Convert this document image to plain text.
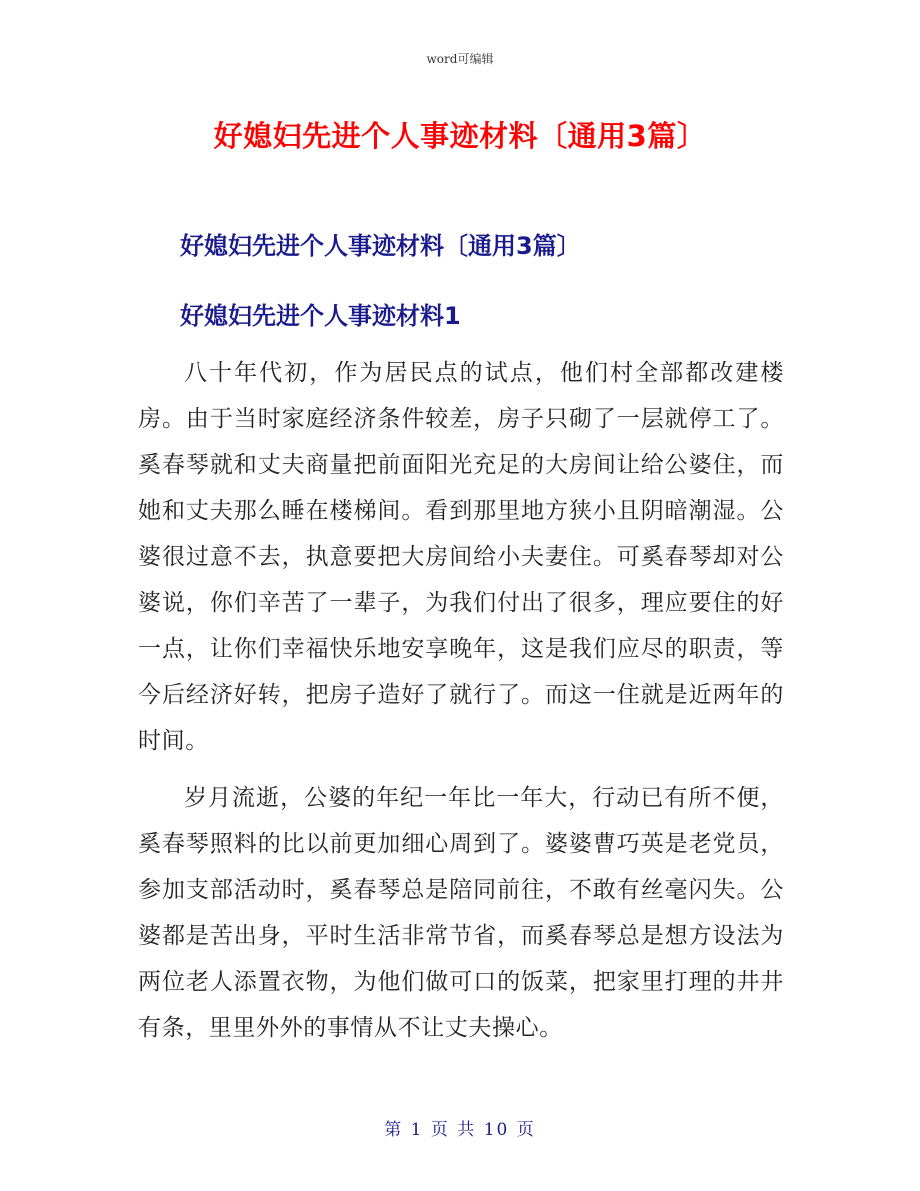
word可编辑
好媳妇先进个人事迹材料〔通用3篇〕
好媳妇先进个人事迹材料〔通用3篇〕
好媳妇先进个人事迹材料1

八十年代初，作为居民点的试点，他们村全部都改建楼房。由于当时家庭经济条件较差，房子只砌了一层就停工了。奚春琴就和丈夫商量把前面阳光充足的大房间让给公婆住，而她和丈夫那么睡在楼梯间。看到那里地方狭小且阴暗潮湿。公婆很过意不去，执意要把大房间给小夫妻住。可奚春琴却对公婆说，你们辛苦了一辈子，为我们付出了很多，理应要住的好一点，让你们幸福快乐地安享晚年，这是我们应尽的职责，等今后经济好转，把房子造好了就行了。而这一住就是近两年的时间。

岁月流逝，公婆的年纪一年比一年大，行动已有所不便，奚春琴照料的比以前更加细心周到了。婆婆曹巧英是老党员，参加支部活动时，奚春琴总是陪同前往，不敢有丝毫闪失。公婆都是苦出身，平时生活非常节省，而奚春琴总是想方设法为两位老人添置衣物，为他们做可口的饭菜，把家里打理的井井有条，里里外外的事情从不让丈夫操心。

第 1 页 共 10 页
